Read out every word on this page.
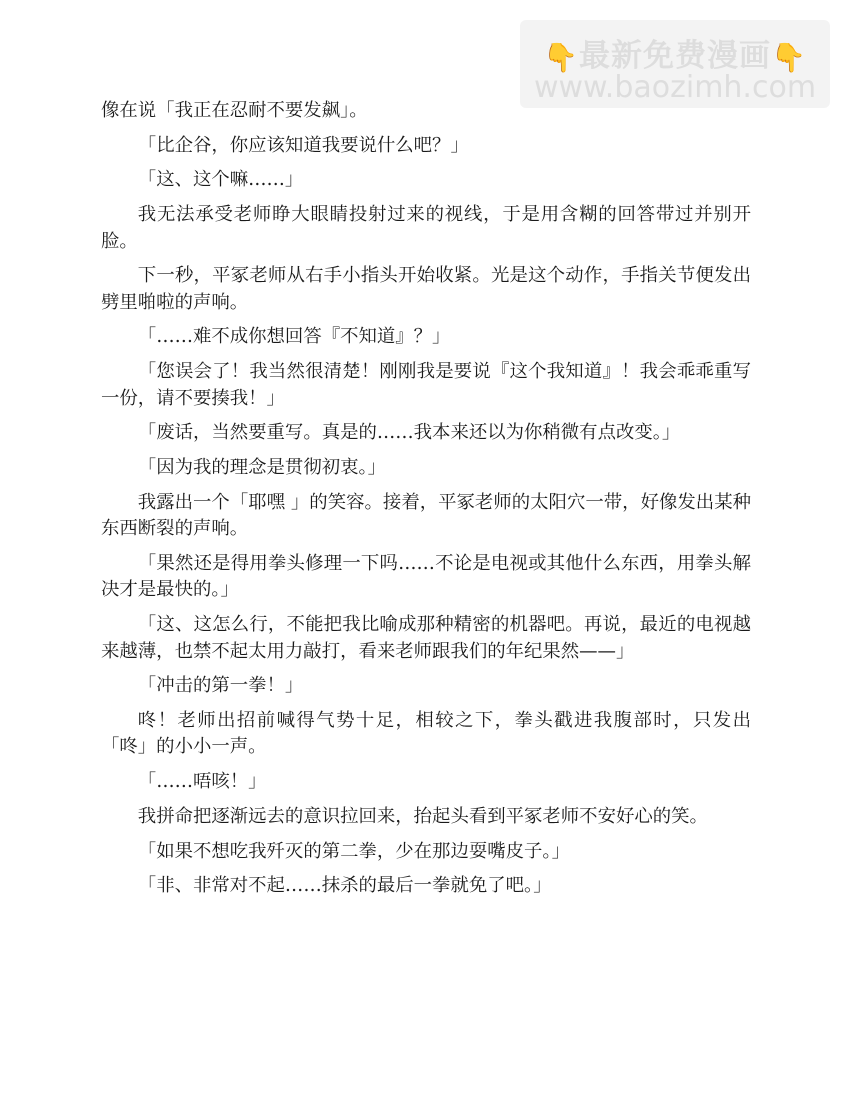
👇最新免费漫画👇
www.baozimh.com

像在说「我正在忍耐不要发飙」。

「比企谷，你应该知道我要说什么吧？」

「这、这个嘛……」

我无法承受老师睁大眼睛投射过来的视线，于是用含糊的回答带过并别开脸。

下一秒，平冢老师从右手小指头开始收紧。光是这个动作，手指关节便发出劈里啪啦的声响。

「……难不成你想回答『不知道』？」

「您误会了！我当然很清楚！刚刚我是要说『这个我知道』！我会乖乖重写一份，请不要揍我！」

「废话，当然要重写。真是的……我本来还以为你稍微有点改变。」

「因为我的理念是贯彻初衷。」

我露出一个「耶嘿 」的笑容。接着，平冢老师的太阳穴一带，好像发出某种东西断裂的声响。

「果然还是得用拳头修理一下吗……不论是电视或其他什么东西，用拳头解决才是最快的。」

「这、这怎么行，不能把我比喻成那种精密的机器吧。再说，最近的电视越来越薄，也禁不起太用力敲打，看来老师跟我们的年纪果然——」

「冲击的第一拳！」

咚！老师出招前喊得气势十足，相较之下，拳头戳进我腹部时，只发出「咚」的小小一声。

「……唔咳！」

我拼命把逐渐远去的意识拉回来，抬起头看到平冢老师不安好心的笑。

「如果不想吃我歼灭的第二拳，少在那边耍嘴皮子。」

「非、非常对不起……抹杀的最后一拳就免了吧。」
